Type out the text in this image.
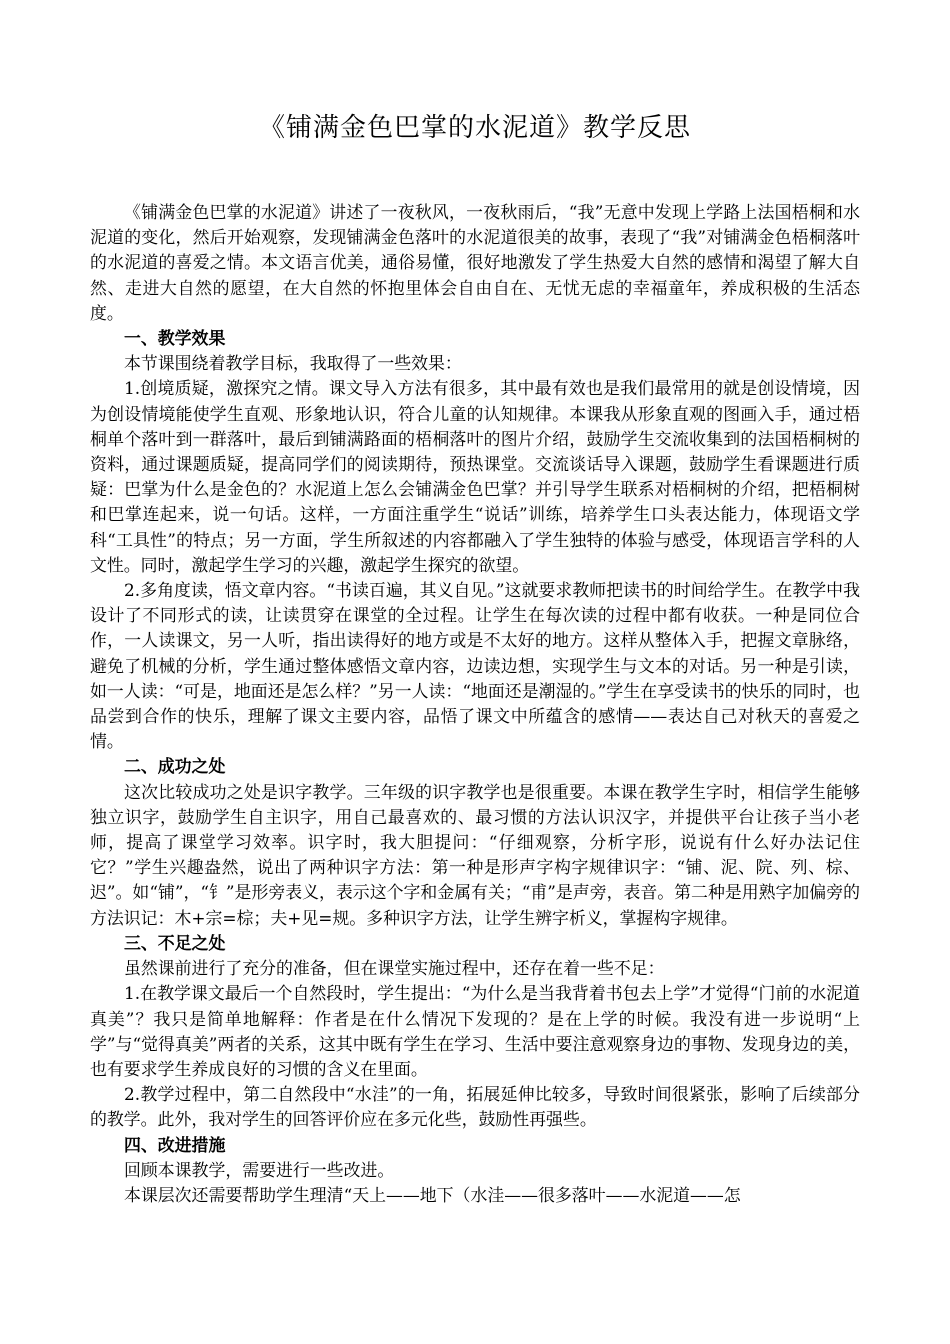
《铺满金色巴掌的水泥道》教学反思

《铺满金色巴掌的水泥道》讲述了一夜秋风，一夜秋雨后，“我”无意中发现上学路上法国梧桐和水泥道的变化，然后开始观察，发现铺满金色落叶的水泥道很美的故事，表现了“我”对铺满金色梧桐落叶的水泥道的喜爱之情。本文语言优美，通俗易懂，很好地激发了学生热爱大自然的感情和渴望了解大自然、走进大自然的愿望，在大自然的怀抱里体会自由自在、无忧无虑的幸福童年，养成积极的生活态度。

一、教学效果

本节课围绕着教学目标，我取得了一些效果：

1.创境质疑，激探究之情。课文导入方法有很多，其中最有效也是我们最常用的就是创设情境，因为创设情境能使学生直观、形象地认识，符合儿童的认知规律。本课我从形象直观的图画入手，通过梧桐单个落叶到一群落叶，最后到铺满路面的梧桐落叶的图片介绍，鼓励学生交流收集到的法国梧桐树的资料，通过课题质疑，提高同学们的阅读期待，预热课堂。交流谈话导入课题，鼓励学生看课题进行质疑：巴掌为什么是金色的？水泥道上怎么会铺满金色巴掌？并引导学生联系对梧桐树的介绍，把梧桐树和巴掌连起来，说一句话。这样，一方面注重学生“说话”训练，培养学生口头表达能力，体现语文学科“工具性”的特点；另一方面，学生所叙述的内容都融入了学生独特的体验与感受，体现语言学科的人文性。同时，激起学生学习的兴趣，激起学生探究的欲望。

2.多角度读，悟文章内容。“书读百遍，其义自见。”这就要求教师把读书的时间给学生。在教学中我设计了不同形式的读，让读贯穿在课堂的全过程。让学生在每次读的过程中都有收获。一种是同位合作，一人读课文，另一人听，指出读得好的地方或是不太好的地方。这样从整体入手，把握文章脉络，避免了机械的分析，学生通过整体感悟文章内容，边读边想，实现学生与文本的对话。另一种是引读，如一人读：“可是，地面还是怎么样？”另一人读：“地面还是潮湿的。”学生在享受读书的快乐的同时，也品尝到合作的快乐，理解了课文主要内容，品悟了课文中所蕴含的感情——表达自己对秋天的喜爱之情。

二、成功之处

这次比较成功之处是识字教学。三年级的识字教学也是很重要。本课在教学生字时，相信学生能够独立识字，鼓励学生自主识字，用自己最喜欢的、最习惯的方法认识汉字，并提供平台让孩子当小老师，提高了课堂学习效率。识字时，我大胆提问：“仔细观察，分析字形，说说有什么好办法记住它？”学生兴趣盎然，说出了两种识字方法：第一种是形声字构字规律识字：“铺、泥、院、列、棕、迟”。如“铺”，“钅”是形旁表义，表示这个字和金属有关；“甫”是声旁，表音。第二种是用熟字加偏旁的方法识记：木+宗=棕；夫+见=规。多种识字方法，让学生辨字析义，掌握构字规律。

三、不足之处

虽然课前进行了充分的准备，但在课堂实施过程中，还存在着一些不足：

1.在教学课文最后一个自然段时，学生提出：“为什么是当我背着书包去上学”才觉得“门前的水泥道真美”？我只是简单地解释：作者是在什么情况下发现的？是在上学的时候。我没有进一步说明“上学”与“觉得真美”两者的关系，这其中既有学生在学习、生活中要注意观察身边的事物、发现身边的美，也有要求学生养成良好的习惯的含义在里面。

2.教学过程中，第二自然段中“水洼”的一角，拓展延伸比较多，导致时间很紧张，影响了后续部分的教学。此外，我对学生的回答评价应在多元化些，鼓励性再强些。

四、改进措施

回顾本课教学，需要进行一些改进。

本课层次还需要帮助学生理清“天上——地下（水洼——很多落叶——水泥道——怎
